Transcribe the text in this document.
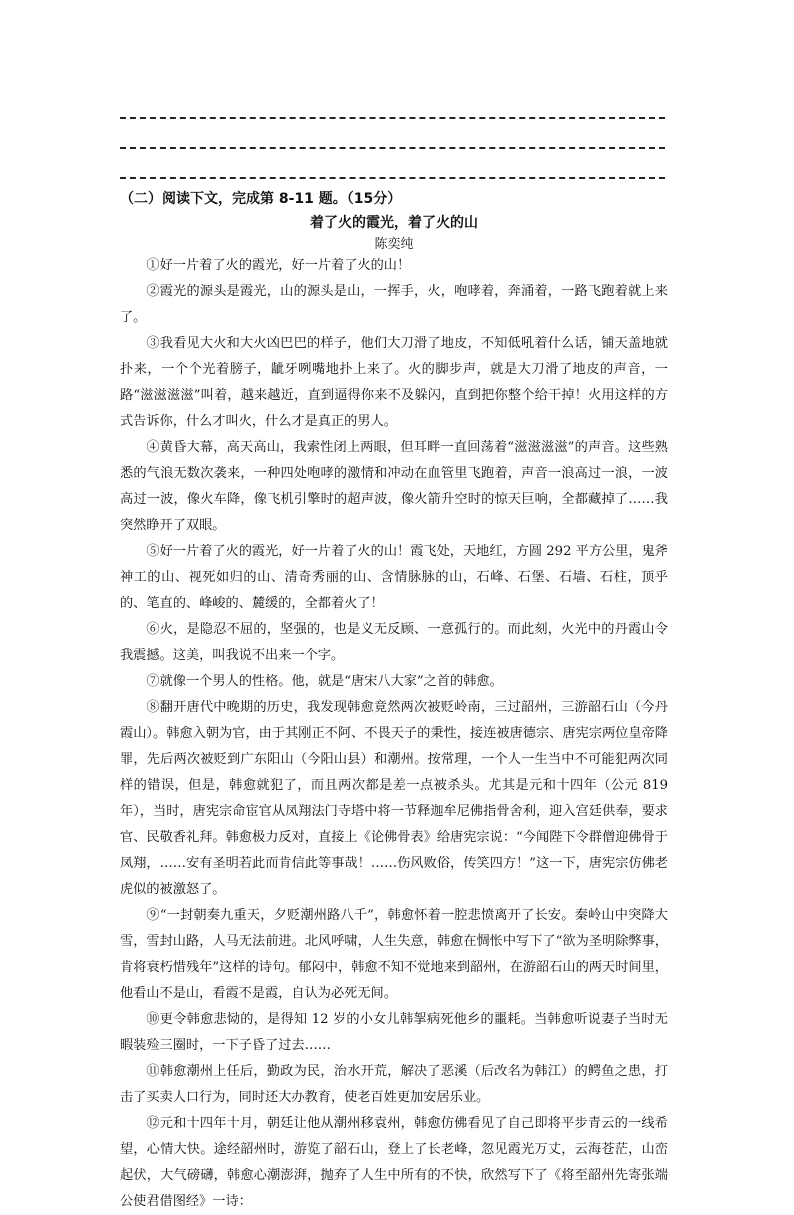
（二）阅读下文，完成第 8-11 题。（15分）
着了火的霞光，着了火的山
陈奕纯

①好一片着了火的霞光，好一片着了火的山！

②霞光的源头是霞光，山的源头是山，一挥手，火，咆哮着，奔涌着，一路飞跑着就上来了。

③我看见大火和大火凶巴巴的样子，他们大刀滑了地皮，不知低吼着什么话，铺天盖地就扑来，一个个光着膀子，龇牙咧嘴地扑上来了。火的脚步声，就是大刀滑了地皮的声音，一路“滋滋滋滋”叫着，越来越近，直到逼得你来不及躲闪，直到把你整个给干掉！火用这样的方式告诉你，什么才叫火，什么才是真正的男人。

④黄昏大幕，高天高山，我索性闭上两眼，但耳畔一直回荡着“滋滋滋滋”的声音。这些熟悉的气浪无数次袭来，一种四处咆哮的激情和冲动在血管里飞跑着，声音一浪高过一浪，一波高过一波，像火车降，像飞机引擎时的超声波，像火箭升空时的惊天巨响，全都藏掉了……我突然睁开了双眼。

⑤好一片着了火的霞光，好一片着了火的山！霞飞处，天地红，方圆 292 平方公里，鬼斧神工的山、视死如归的山、清奇秀丽的山、含情脉脉的山，石峰、石堡、石墙、石柱，顶乎的、笔直的、峰峻的、麓缓的，全都着火了！

⑥火，是隐忍不屈的，坚强的，也是义无反顾、一意孤行的。而此刻，火光中的丹霞山令我震撼。这美，叫我说不出来一个字。

⑦就像一个男人的性格。他，就是“唐宋八大家”之首的韩愈。

⑧翻开唐代中晚期的历史，我发现韩愈竟然两次被贬岭南，三过韶州，三游韶石山（今丹霞山）。韩愈入朝为官，由于其刚正不阿、不畏天子的秉性，接连被唐德宗、唐宪宗两位皇帝降罪，先后两次被贬到广东阳山（今阳山县）和潮州。按常理，一个人一生当中不可能犯两次同样的错误，但是，韩愈就犯了，而且两次都是差一点被杀头。尤其是元和十四年（公元 819 年），当时，唐宪宗命宦官从凤翔法门寺塔中将一节释迦牟尼佛指骨舍利，迎入宫廷供奉，要求官、民敬香礼拜。韩愈极力反对，直接上《论佛骨表》给唐宪宗说：“今闻陛下令群僧迎佛骨于凤翔，……安有圣明若此而肯信此等事哉！……伤风败俗，传笑四方！”这一下，唐宪宗仿佛老虎似的被激怒了。

⑨“一封朝奏九重天，夕贬潮州路八千”，韩愈怀着一腔悲愤离开了长安。秦岭山中突降大雪，雪封山路，人马无法前进。北风呼啸，人生失意，韩愈在惆怅中写下了“欲为圣明除弊事，肯将衰朽惜残年”这样的诗句。郁闷中，韩愈不知不觉地来到韶州，在游韶石山的两天时间里，他看山不是山，看霞不是霞，自认为必死无间。

⑩更令韩愈悲恸的，是得知 12 岁的小女儿韩挐病死他乡的噩耗。当韩愈听说妻子当时无暇装殓三圈时，一下子昏了过去……

⑪韩愈潮州上任后，勤政为民，治水开荒，解决了恶溪（后改名为韩江）的鳄鱼之患，打击了买卖人口行为，同时还大办教育，使老百姓更加安居乐业。

⑫元和十四年十月，朝廷让他从潮州移袁州，韩愈仿佛看见了自己即将平步青云的一线希望，心情大快。途经韶州时，游览了韶石山，登上了长老峰，忽见霞光万丈，云海苍茫，山峦起伏，大气磅礴，韩愈心潮澎湃，抛弃了人生中所有的不快，欣然写下了《将至韶州先寄张端公使君借图经》一诗：
